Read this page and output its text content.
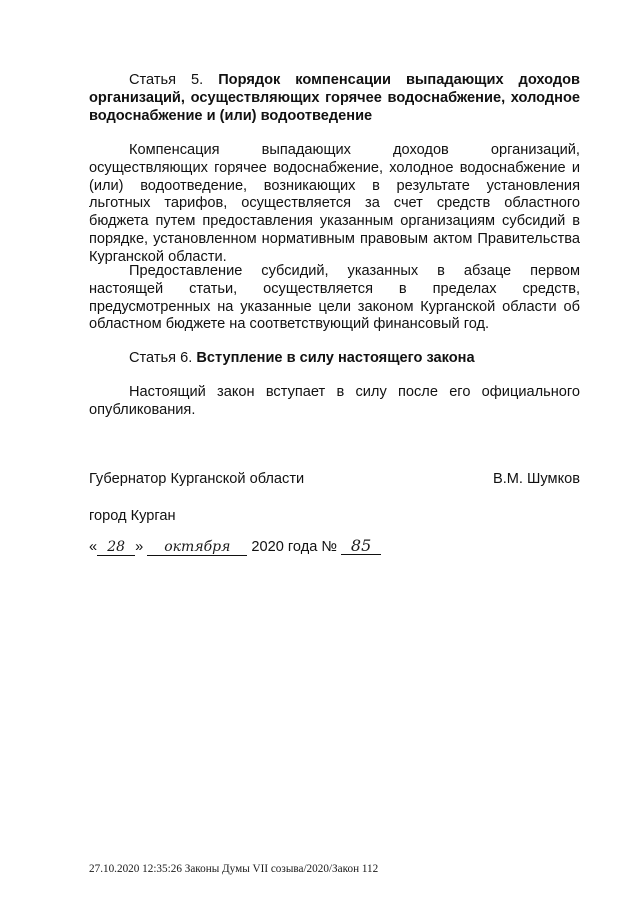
Статья 5. Порядок компенсации выпадающих доходов организаций, осуществляющих горячее водоснабжение, холодное водоснабжение и (или) водоотведение
Компенсация выпадающих доходов организаций, осуществляющих горячее водоснабжение, холодное водоснабжение и (или) водоотведение, возникающих в результате установления льготных тарифов, осуществляется за счет средств областного бюджета путем предоставления указанным организациям субсидий в порядке, установленном нормативным правовым актом Правительства Курганской области.
Предоставление субсидий, указанных в абзаце первом настоящей статьи, осуществляется в пределах средств, предусмотренных на указанные цели законом Курганской области об областном бюджете на соответствующий финансовый год.
Статья 6. Вступление в силу настоящего закона
Настоящий закон вступает в силу после его официального опубликования.
Губернатор Курганской области	В.М. Шумков
город Курган
« 28 » октября 2020 года № 85
27.10.2020 12:35:26 Законы Думы VII созыва/2020/Закон 112
